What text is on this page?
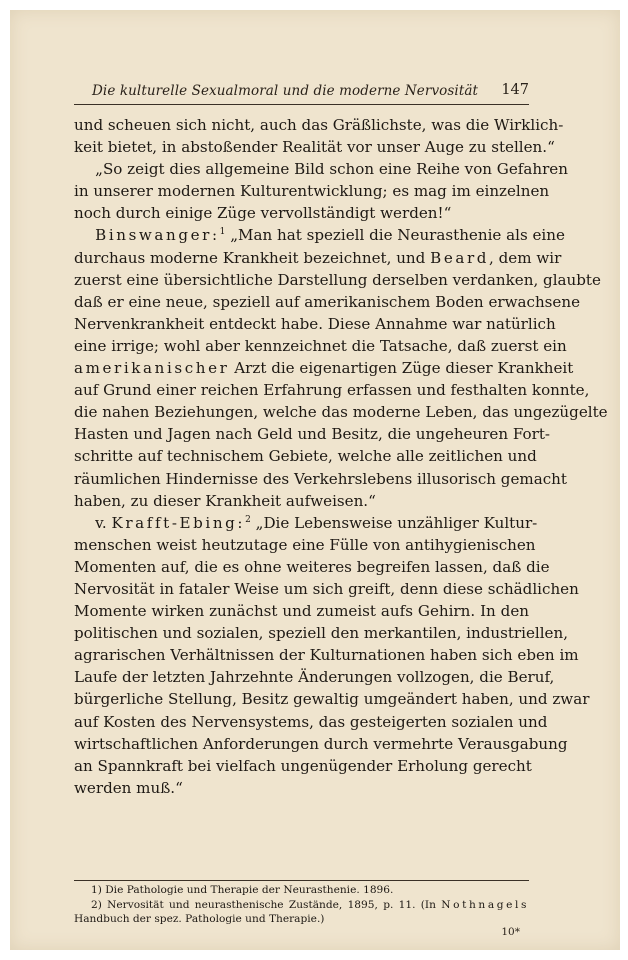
Die kulturelle Sexualmoral und die moderne Nervosität 147
und scheuen sich nicht, auch das Gräßlichste, was die Wirklich-
keit bietet, in abstoßender Realität vor unser Auge zu stellen.“
„So zeigt dies allgemeine Bild schon eine Reihe von Gefahren
in unserer modernen Kulturentwicklung; es mag im einzelnen
noch durch einige Züge vervollständigt werden!“
Binswanger:$^1$ „Man hat speziell die Neurasthenie als eine
durchaus moderne Krankheit bezeichnet, und Beard, dem wir
zuerst eine übersichtliche Darstellung derselben verdanken, glaubte
daß er eine neue, speziell auf amerikanischem Boden erwachsene
Nervenkrankheit entdeckt habe. Diese Annahme war natürlich
eine irrige; wohl aber kennzeichnet die Tatsache, daß zuerst ein
amerikanischer Arzt die eigenartigen Züge dieser Krankheit
auf Grund einer reichen Erfahrung erfassen und festhalten konnte,
die nahen Beziehungen, welche das moderne Leben, das ungezügelte
Hasten und Jagen nach Geld und Besitz, die ungeheuren Fort-
schritte auf technischem Gebiete, welche alle zeitlichen und
räumlichen Hindernisse des Verkehrslebens illusorisch gemacht
haben, zu dieser Krankheit aufweisen.“
v. Krafft-Ebing:$^2$ „Die Lebensweise unzähliger Kultur-
menschen weist heutzutage eine Fülle von antihygienischen
Momenten auf, die es ohne weiteres begreifen lassen, daß die
Nervosität in fataler Weise um sich greift, denn diese schädlichen
Momente wirken zunächst und zumeist aufs Gehirn. In den
politischen und sozialen, speziell den merkantilen, industriellen,
agrarischen Verhältnissen der Kulturnationen haben sich eben im
Laufe der letzten Jahrzehnte Änderungen vollzogen, die Beruf,
bürgerliche Stellung, Besitz gewaltig umgeändert haben, und zwar
auf Kosten des Nervensystems, das gesteigerten sozialen und
wirtschaftlichen Anforderungen durch vermehrte Verausgabung
an Spannkraft bei vielfach ungenügender Erholung gerecht
werden muß.“
1) Die Pathologie und Therapie der Neurasthenie. 1896.
2) Nervosität und neurasthenische Zustände, 1895, p. 11. (In Nothnagels
Handbuch der spez. Pathologie und Therapie.)
10*
